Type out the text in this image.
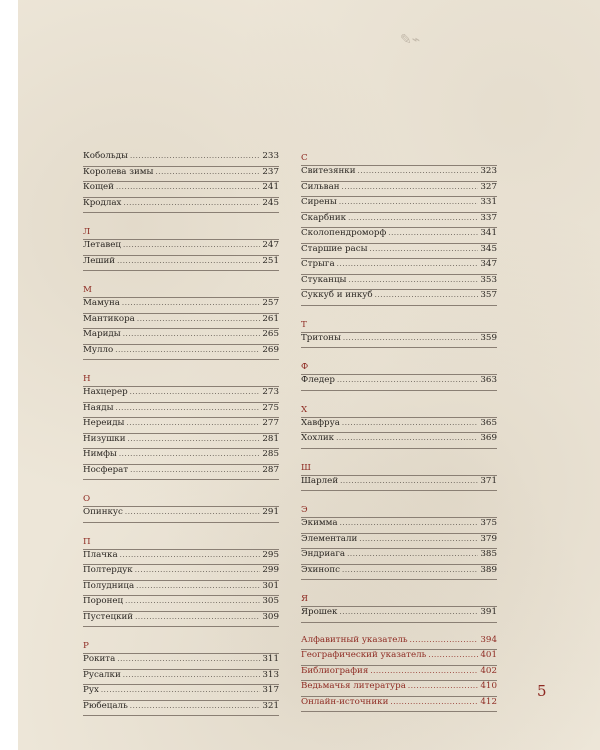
✎⌁
Кобольды .....	233
Королева зимы .....	237
Кощей .....	241
Кродлах .....	245
Л
Летавец .....	247
Леший .....	251
М
Мамуна .....	257
Мантикора .....	261
Мариды .....	265
Мулло .....	269
Н
Нахцерер .....	273
Наяды .....	275
Нереиды .....	277
Низушки .....	281
Нимфы .....	285
Носферат .....	287
О
Опинкус .....	291
П
Плачка .....	295
Полтердук .....	299
Полудница .....	301
Поронец .....	305
Пустецкий .....	309
Р
Рокита .....	311
Русалки .....	313
Рух .....	317
Рюбецаль .....	321
С
Свитезянки .....	323
Сильван .....	327
Сирены .....	331
Скарбник .....	337
Сколопендроморф .....	341
Старшие расы .....	345
Стрыга .....	347
Стуканцы .....	353
Суккуб и инкуб .....	357
Т
Тритоны .....	359
Ф
Фледер .....	363
Х
Хавфруа .....	365
Хохлик .....	369
Ш
Шарлей .....	371
Э
Экимма .....	375
Элементали .....	379
Эндриага .....	385
Эхинопс .....	389
Я
Ярошек .....	391
Алфавитный указатель .....	394
Географический указатель .....	401
Библиография .....	402
Ведьмачья литература .....	410
Онлайн-источники .....	412
5
